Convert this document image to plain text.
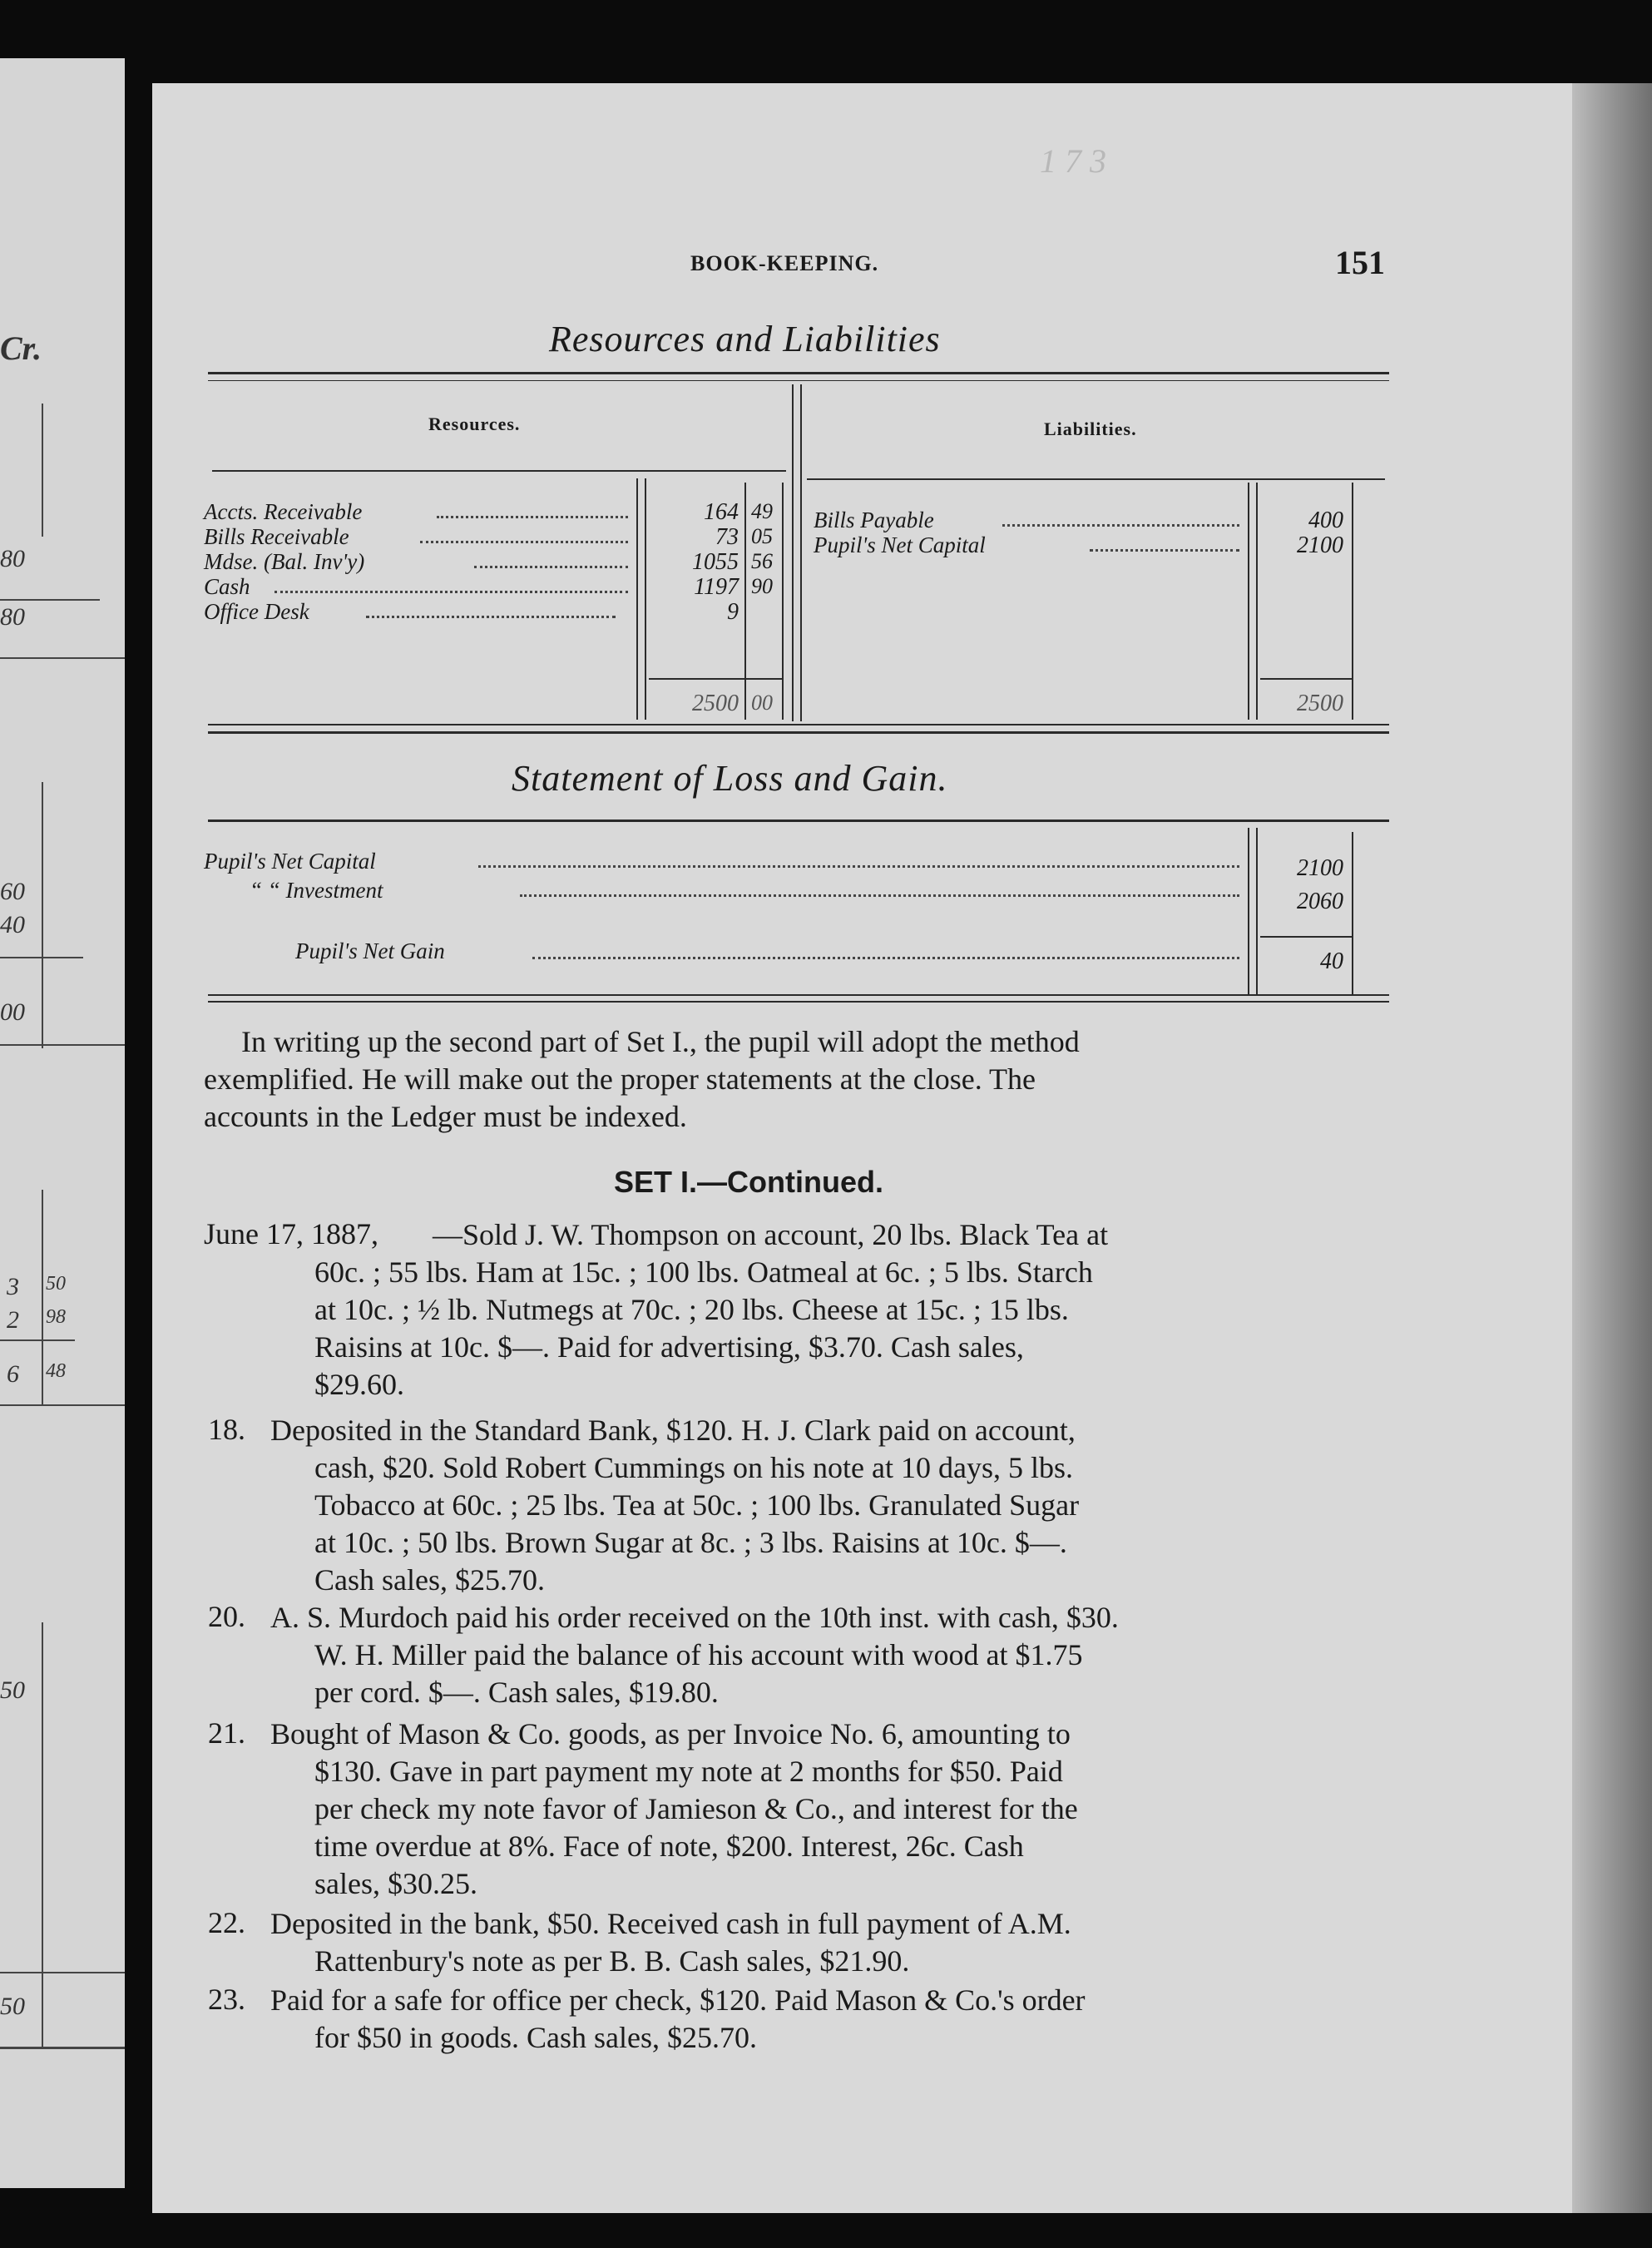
Cr.
80
80
60
40
00
3 50
2 98
6 48
50
50
1 7 3
BOOK-KEEPING.	151
Resources and Liabilities
Resources.	Liabilities.
Accts. Receivable	164 49
Bills Receivable	73 05
Mdse. (Bal. Inv'y)	1055 56
Cash	1197 90
Office Desk	9
2500 00
Bills Payable	400
Pupil's Net Capital	2100
2500
Statement of Loss and Gain.
Pupil's Net Capital	2100
“ “ Investment	2060
Pupil's Net Gain	40
In writing up the second part of Set I., the pupil will adopt the method
exemplified. He will make out the proper statements at the close. The
accounts in the Ledger must be indexed.
SET I.—Continued.
June 17, 1887, —Sold J. W. Thompson on account, 20 lbs. Black Tea at
60c. ; 55 lbs. Ham at 15c. ; 100 lbs. Oatmeal at 6c. ; 5 lbs. Starch
at 10c. ; ½ lb. Nutmegs at 70c. ; 20 lbs. Cheese at 15c. ; 15 lbs.
Raisins at 10c. $—. Paid for advertising, $3.70. Cash sales,
$29.60.
18. Deposited in the Standard Bank, $120. H. J. Clark paid on account,
cash, $20. Sold Robert Cummings on his note at 10 days, 5 lbs.
Tobacco at 60c. ; 25 lbs. Tea at 50c. ; 100 lbs. Granulated Sugar
at 10c. ; 50 lbs. Brown Sugar at 8c. ; 3 lbs. Raisins at 10c. $—.
Cash sales, $25.70.
20. A. S. Murdoch paid his order received on the 10th inst. with cash, $30.
W. H. Miller paid the balance of his account with wood at $1.75
per cord. $—. Cash sales, $19.80.
21. Bought of Mason & Co. goods, as per Invoice No. 6, amounting to
$130. Gave in part payment my note at 2 months for $50. Paid
per check my note favor of Jamieson & Co., and interest for the
time overdue at 8%. Face of note, $200. Interest, 26c. Cash
sales, $30.25.
22. Deposited in the bank, $50. Received cash in full payment of A.M.
Rattenbury's note as per B. B. Cash sales, $21.90.
23. Paid for a safe for office per check, $120. Paid Mason & Co.'s order
for $50 in goods. Cash sales, $25.70.
